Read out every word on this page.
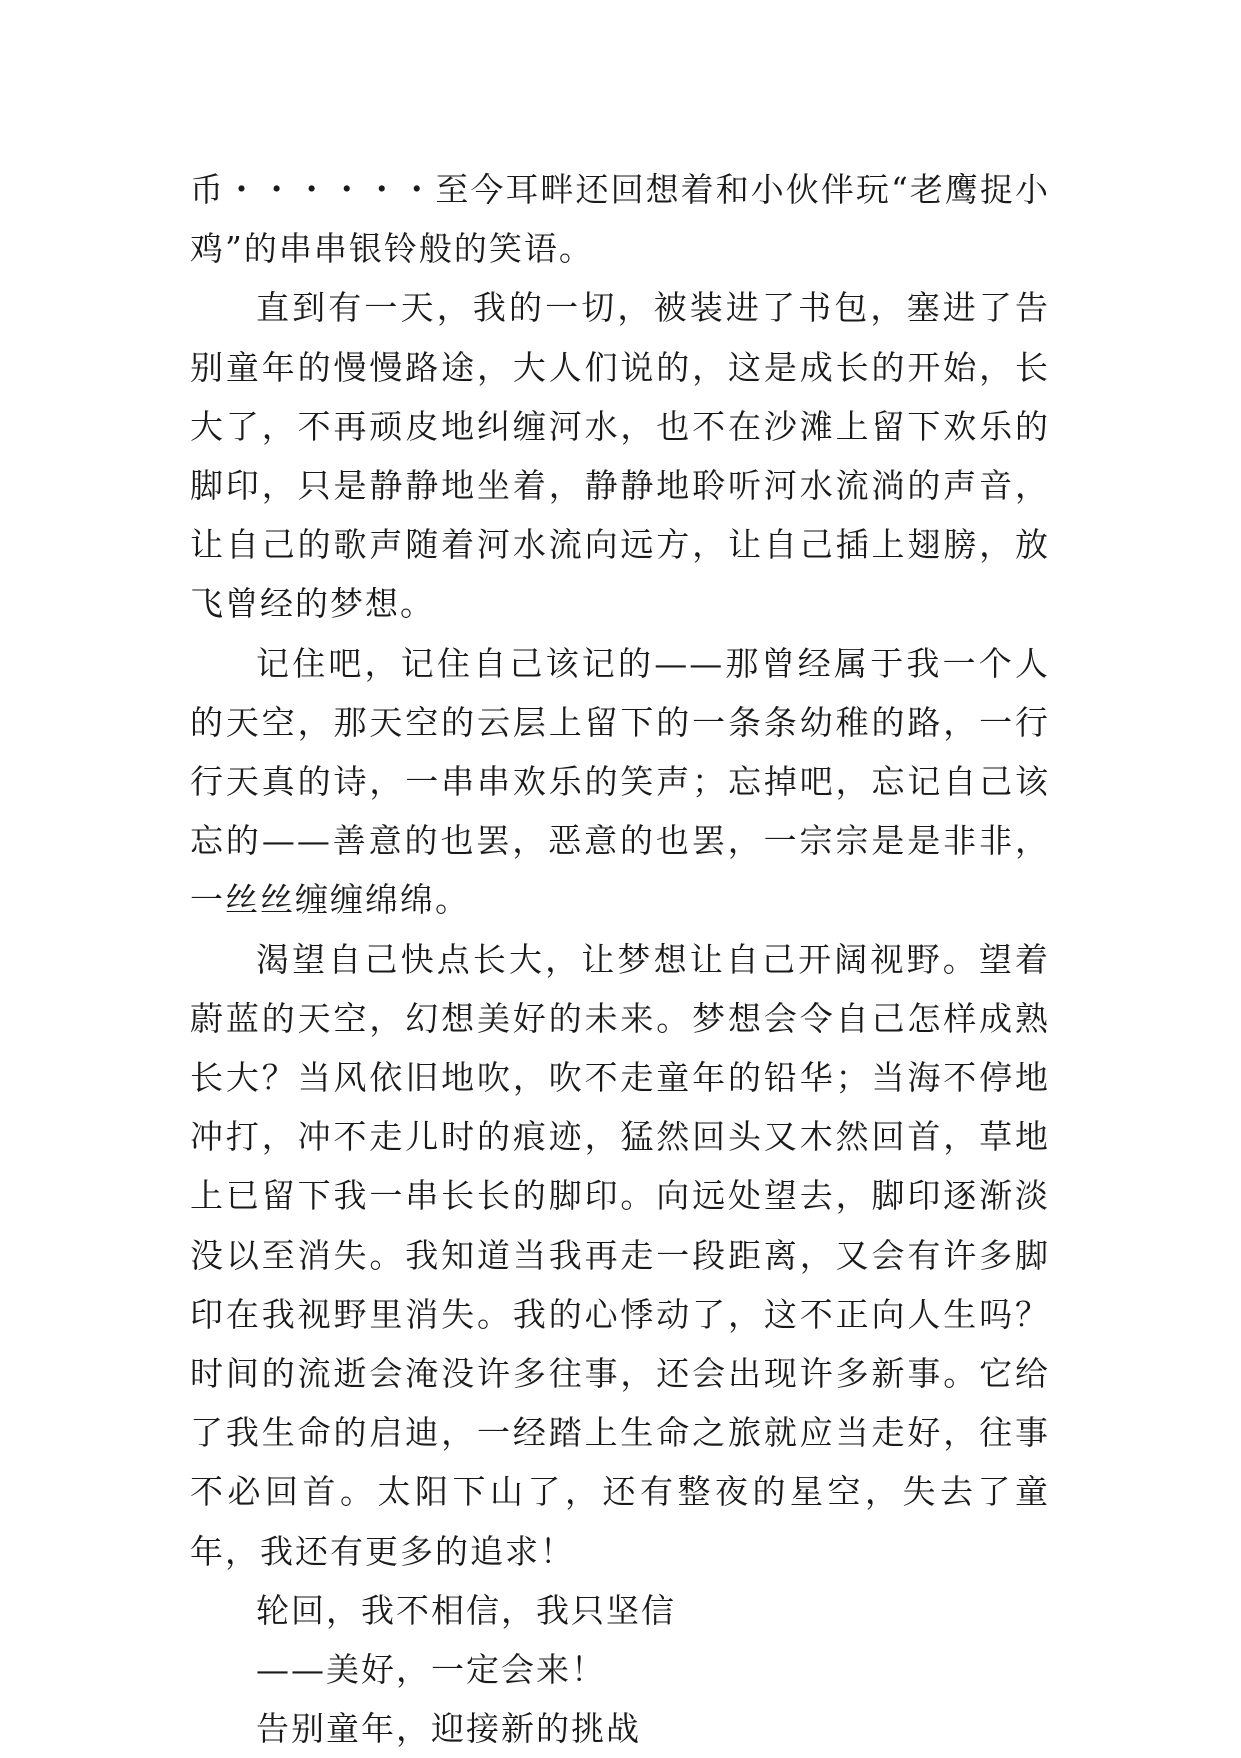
币・・・・・・至今耳畔还回想着和小伙伴玩“老鹰捉小鸡”的串串银铃般的笑语。

直到有一天，我的一切，被装进了书包，塞进了告别童年的慢慢路途，大人们说的，这是成长的开始，长大了，不再顽皮地纠缠河水，也不在沙滩上留下欢乐的脚印，只是静静地坐着，静静地聆听河水流淌的声音，让自己的歌声随着河水流向远方，让自己插上翅膀，放飞曾经的梦想。

记住吧，记住自己该记的——那曾经属于我一个人的天空，那天空的云层上留下的一条条幼稚的路，一行行天真的诗，一串串欢乐的笑声；忘掉吧，忘记自己该忘的——善意的也罢，恶意的也罢，一宗宗是是非非，一丝丝缠缠绵绵。

渴望自己快点长大，让梦想让自己开阔视野。望着蔚蓝的天空，幻想美好的未来。梦想会令自己怎样成熟长大？当风依旧地吹，吹不走童年的铅华；当海不停地冲打，冲不走儿时的痕迹，猛然回头又木然回首，草地上已留下我一串长长的脚印。向远处望去，脚印逐渐淡没以至消失。我知道当我再走一段距离，又会有许多脚印在我视野里消失。我的心悸动了，这不正向人生吗？时间的流逝会淹没许多往事，还会出现许多新事。它给了我生命的启迪，一经踏上生命之旅就应当走好，往事不必回首。太阳下山了，还有整夜的星空，失去了童年，我还有更多的追求！

轮回，我不相信，我只坚信

——美好，一定会来！

告别童年，迎接新的挑战
